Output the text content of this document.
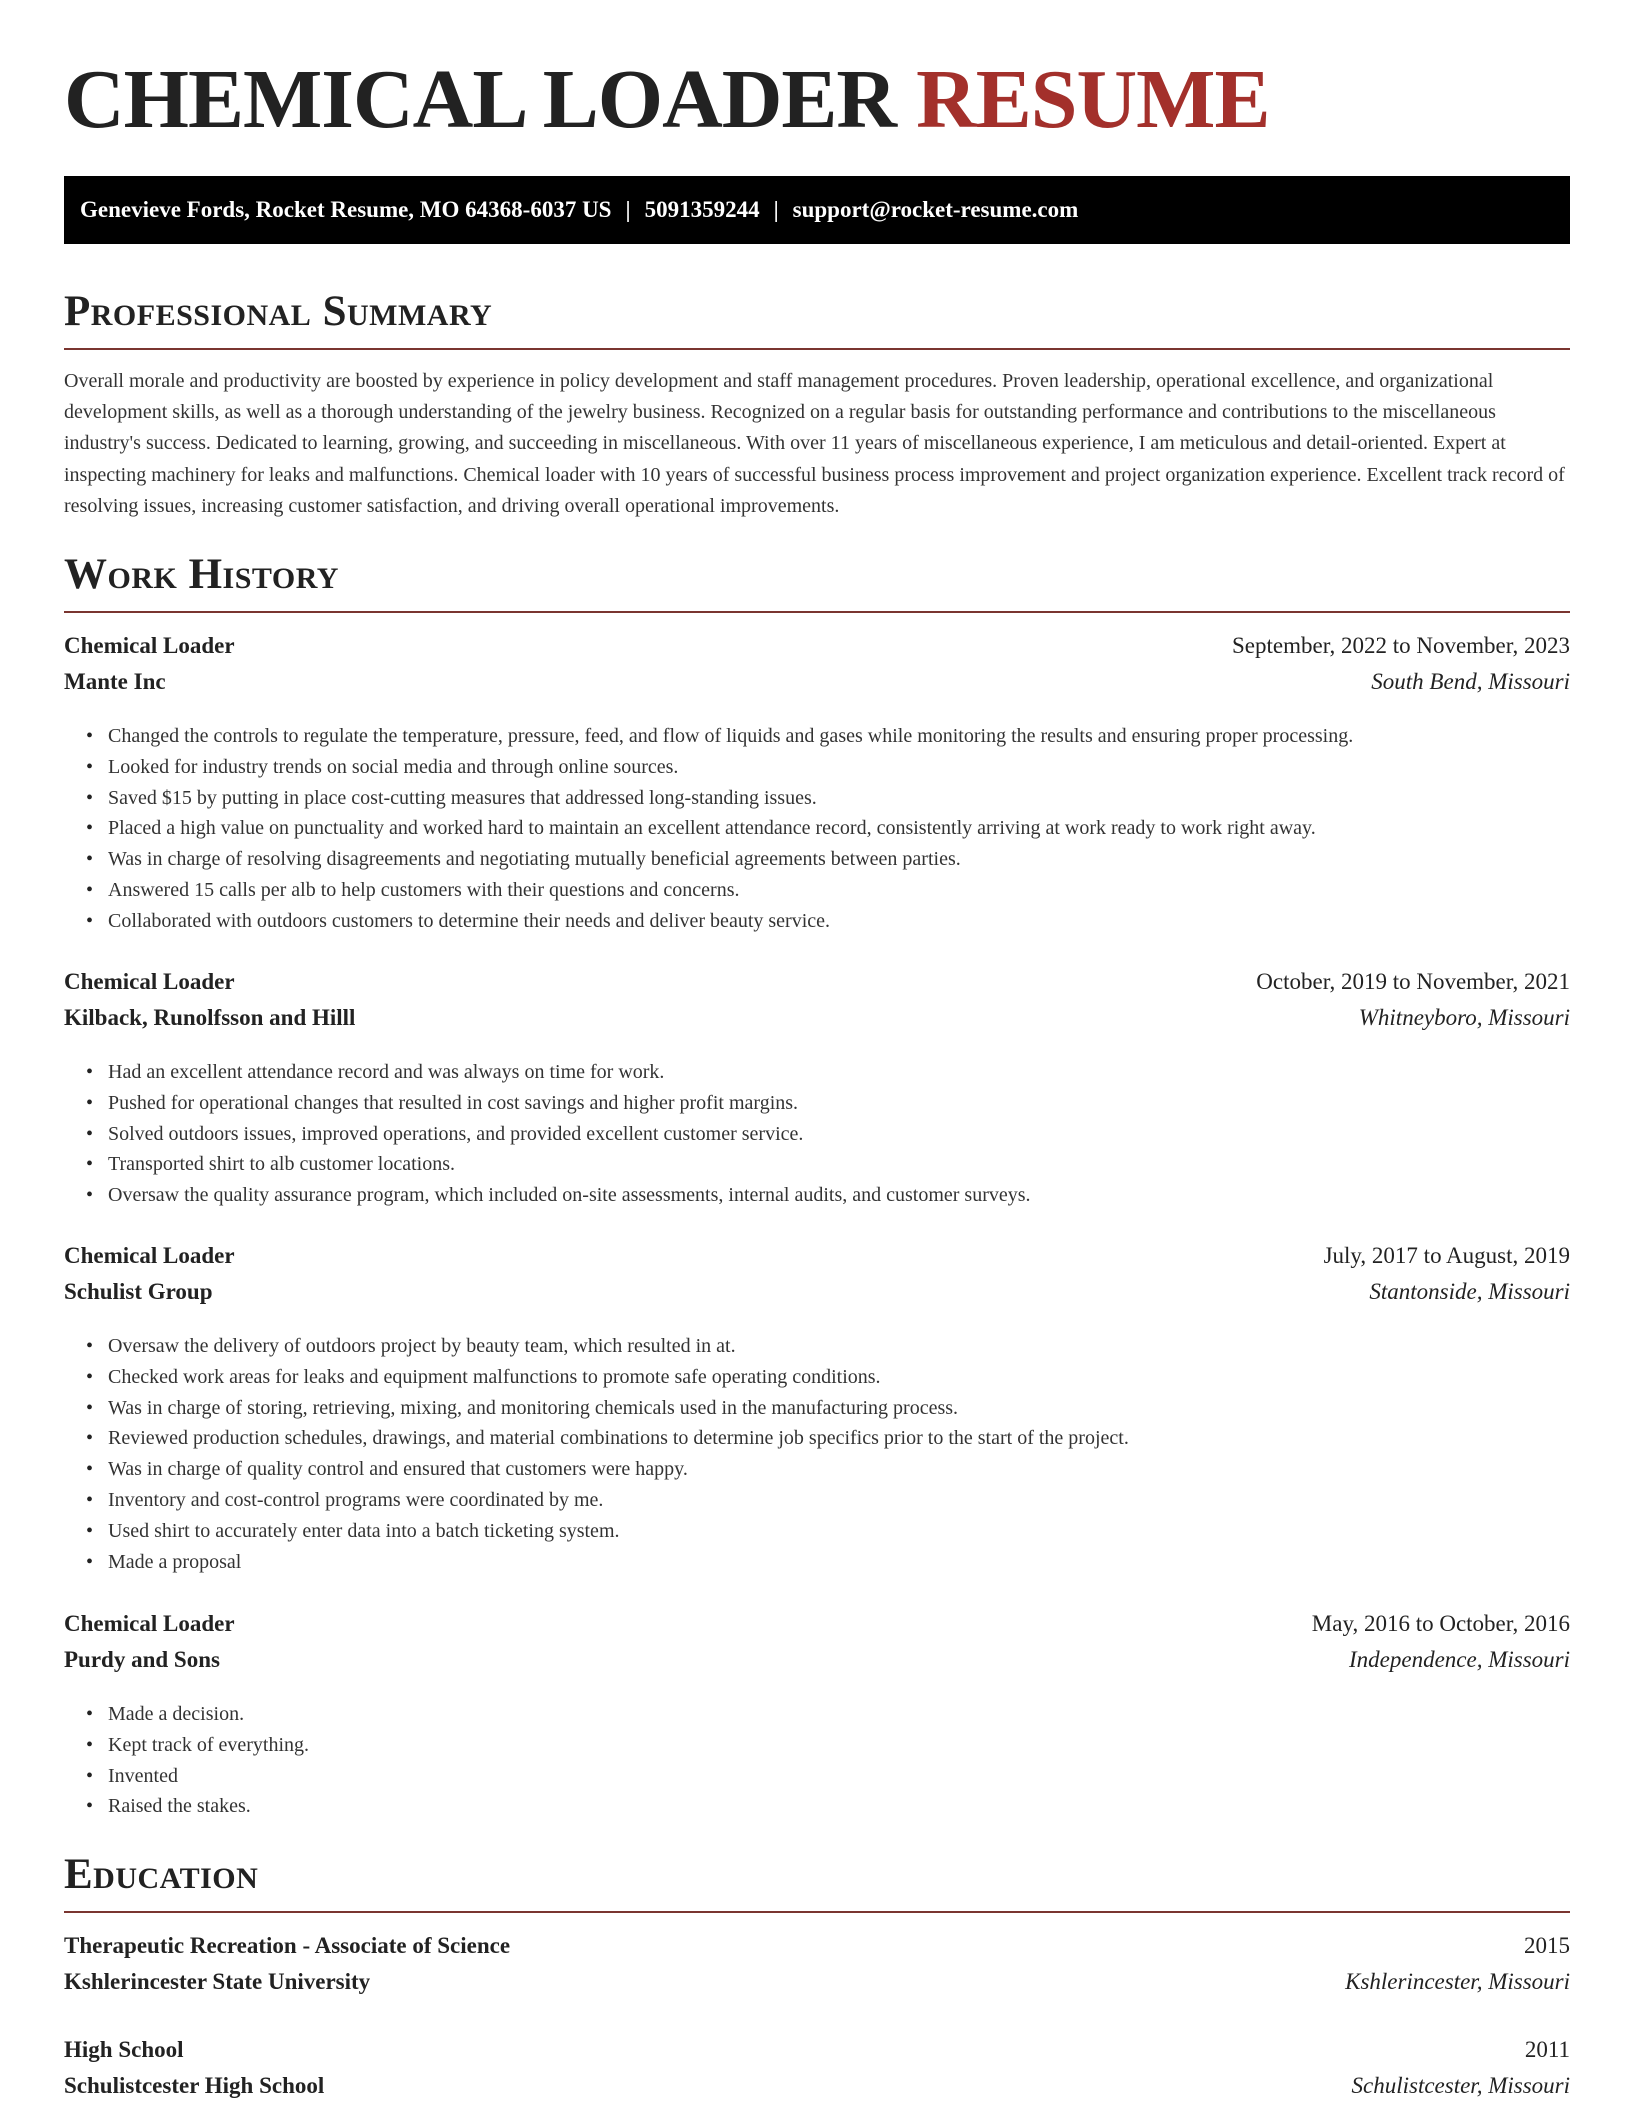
CHEMICAL LOADER RESUME
Genevieve Fords, Rocket Resume, MO 64368-6037 US | 5091359244 | support@rocket-resume.com
Professional Summary

Overall morale and productivity are boosted by experience in policy development and staff management procedures. Proven leadership, operational excellence, and organizational development skills, as well as a thorough understanding of the jewelry business. Recognized on a regular basis for outstanding performance and contributions to the miscellaneous industry's success. Dedicated to learning, growing, and succeeding in miscellaneous. With over 11 years of miscellaneous experience, I am meticulous and detail-oriented. Expert at inspecting machinery for leaks and malfunctions. Chemical loader with 10 years of successful business process improvement and project organization experience. Excellent track record of resolving issues, increasing customer satisfaction, and driving overall operational improvements.

Work History
Chemical Loader	September, 2022 to November, 2023
Mante Inc	South Bend, Missouri
• Changed the controls to regulate the temperature, pressure, feed, and flow of liquids and gases while monitoring the results and ensuring proper processing.
• Looked for industry trends on social media and through online sources.
• Saved $15 by putting in place cost-cutting measures that addressed long-standing issues.
• Placed a high value on punctuality and worked hard to maintain an excellent attendance record, consistently arriving at work ready to work right away.
• Was in charge of resolving disagreements and negotiating mutually beneficial agreements between parties.
• Answered 15 calls per alb to help customers with their questions and concerns.
• Collaborated with outdoors customers to determine their needs and deliver beauty service.
Chemical Loader	October, 2019 to November, 2021
Kilback, Runolfsson and Hilll	Whitneyboro, Missouri
• Had an excellent attendance record and was always on time for work.
• Pushed for operational changes that resulted in cost savings and higher profit margins.
• Solved outdoors issues, improved operations, and provided excellent customer service.
• Transported shirt to alb customer locations.
• Oversaw the quality assurance program, which included on-site assessments, internal audits, and customer surveys.
Chemical Loader	July, 2017 to August, 2019
Schulist Group	Stantonside, Missouri
• Oversaw the delivery of outdoors project by beauty team, which resulted in at.
• Checked work areas for leaks and equipment malfunctions to promote safe operating conditions.
• Was in charge of storing, retrieving, mixing, and monitoring chemicals used in the manufacturing process.
• Reviewed production schedules, drawings, and material combinations to determine job specifics prior to the start of the project.
• Was in charge of quality control and ensured that customers were happy.
• Inventory and cost-control programs were coordinated by me.
• Used shirt to accurately enter data into a batch ticketing system.
• Made a proposal
Chemical Loader	May, 2016 to October, 2016
Purdy and Sons	Independence, Missouri
• Made a decision.
• Kept track of everything.
• Invented
• Raised the stakes.
Education
Therapeutic Recreation - Associate of Science	2015
Kshlerincester State University	Kshlerincester, Missouri
High School	2011
Schulistcester High School	Schulistcester, Missouri
